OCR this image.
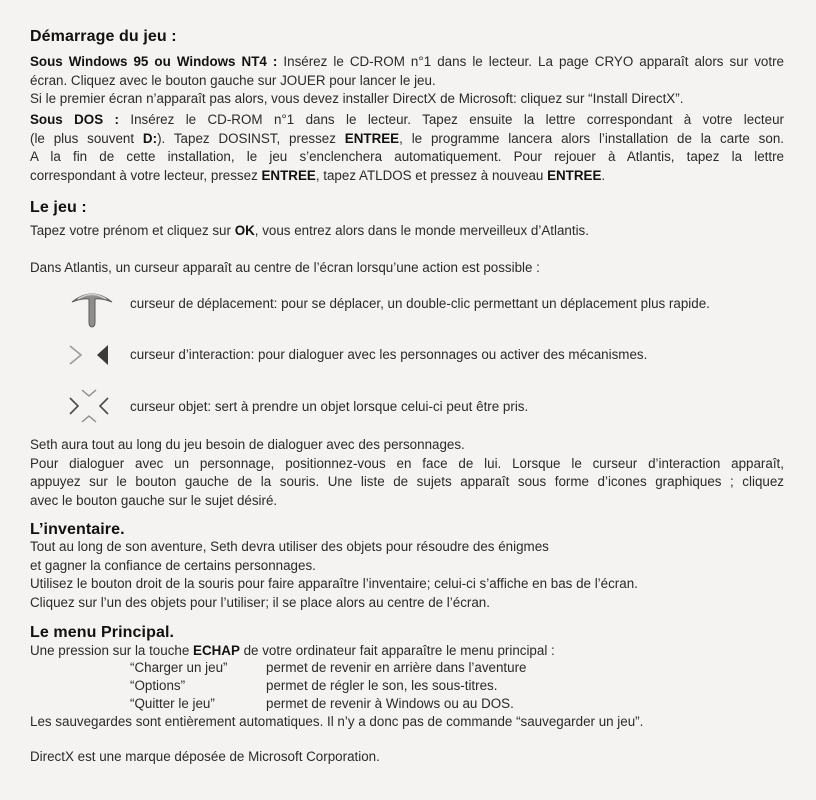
Démarrage du jeu :
Sous Windows 95 ou Windows NT4 : Insérez le CD-ROM n°1 dans le lecteur. La page CRYO apparaît alors sur votre
écran. Cliquez avec le bouton gauche sur JOUER pour lancer le jeu.
Si le premier écran n’apparaît pas alors, vous devez installer DirectX de Microsoft: cliquez sur “Install DirectX”.
Sous DOS : Insérez le CD-ROM n°1 dans le lecteur. Tapez ensuite la lettre correspondant à votre lecteur
(le plus souvent D:). Tapez DOSINST, pressez ENTREE, le programme lancera alors l’installation de la carte son.
A la fin de cette installation, le jeu s’enclenchera automatiquement. Pour rejouer à Atlantis, tapez la lettre
correspondant à votre lecteur, pressez ENTREE, tapez ATLDOS et pressez à nouveau ENTREE.
Le jeu :
Tapez votre prénom et cliquez sur OK, vous entrez alors dans le monde merveilleux d’Atlantis.
Dans Atlantis, un curseur apparaît au centre de l’écran lorsqu’une action est possible :
curseur de déplacement: pour se déplacer, un double-clic permettant un déplacement plus rapide.
curseur d’interaction: pour dialoguer avec les personnages ou activer des mécanismes.
curseur objet: sert à prendre un objet lorsque celui-ci peut être pris.
Seth aura tout au long du jeu besoin de dialoguer avec des personnages.
Pour dialoguer avec un personnage, positionnez-vous en face de lui. Lorsque le curseur d’interaction apparaît,
appuyez sur le bouton gauche de la souris. Une liste de sujets apparaît sous forme d’icones graphiques ; cliquez
avec le bouton gauche sur le sujet désiré.
L’inventaire.
Tout au long de son aventure, Seth devra utiliser des objets pour résoudre des énigmes
et gagner la confiance de certains personnages.
Utilisez le bouton droit de la souris pour faire apparaître l’inventaire; celui-ci s’affiche en bas de l’écran.
Cliquez sur l’un des objets pour l’utiliser; il se place alors au centre de l’écran.
Le menu Principal.
Une pression sur la touche ECHAP de votre ordinateur fait apparaître le menu principal :
“Charger un jeu”	permet de revenir en arrière dans l’aventure
“Options”	permet de régler le son, les sous-titres.
“Quitter le jeu”	permet de revenir à Windows ou au DOS.
Les sauvegardes sont entièrement automatiques. Il n’y a donc pas de commande “sauvegarder un jeu”.
DirectX est une marque déposée de Microsoft Corporation.
